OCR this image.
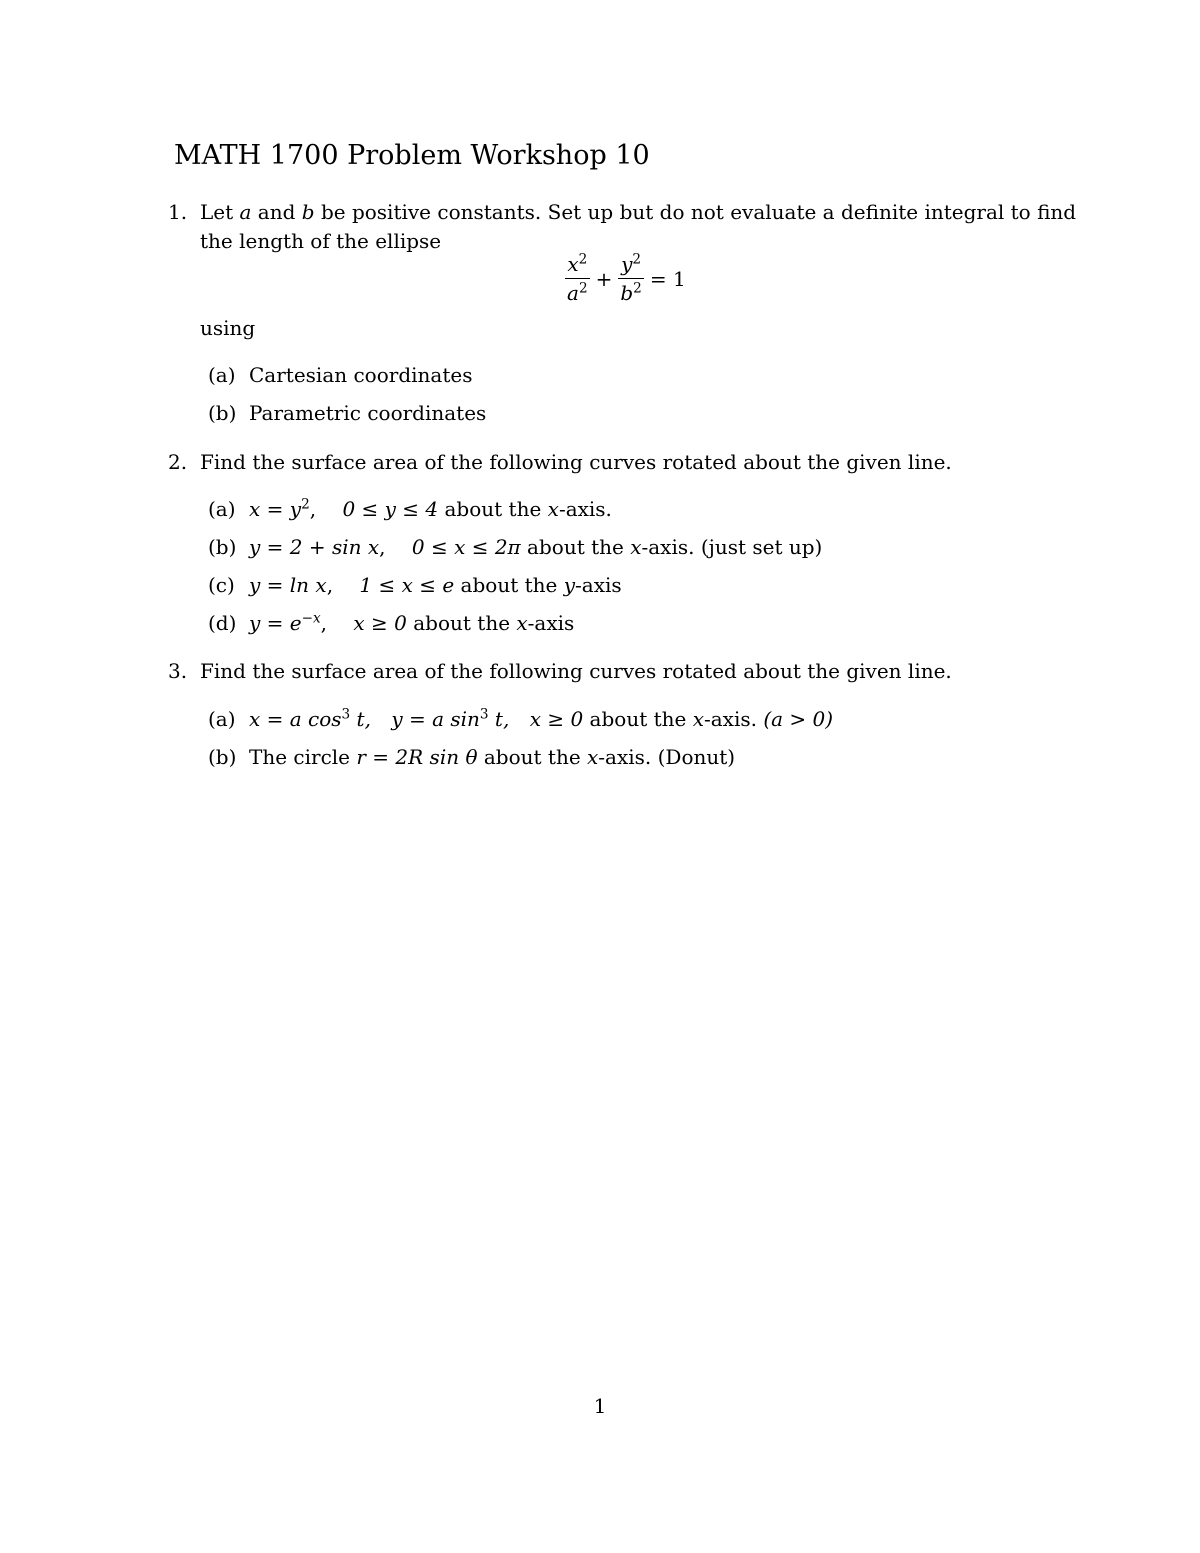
MATH 1700 Problem Workshop 10
1. Let a and b be positive constants. Set up but do not evaluate a definite integral to find
the length of the ellipse
$\frac{x^2}{a^2} + \frac{y^2}{b^2} = 1$
using
(a) Cartesian coordinates
(b) Parametric coordinates
2. Find the surface area of the following curves rotated about the given line.
(a) $x = y^2$, 0 ≤ y ≤ 4 about the x-axis.
(b) y = 2 + sin x, 0 ≤ x ≤ 2π about the x-axis. (just set up)
(c) y = ln x, 1 ≤ x ≤ e about the y-axis
(d) $y = e^{-x}$, x ≥ 0 about the x-axis
3. Find the surface area of the following curves rotated about the given line.
(a) x = a $\cos^3 t$, y = a $\sin^3 t$, x ≥ 0 about the x-axis. (a > 0)
(b) The circle r = 2R sin θ about the x-axis. (Donut)
1
